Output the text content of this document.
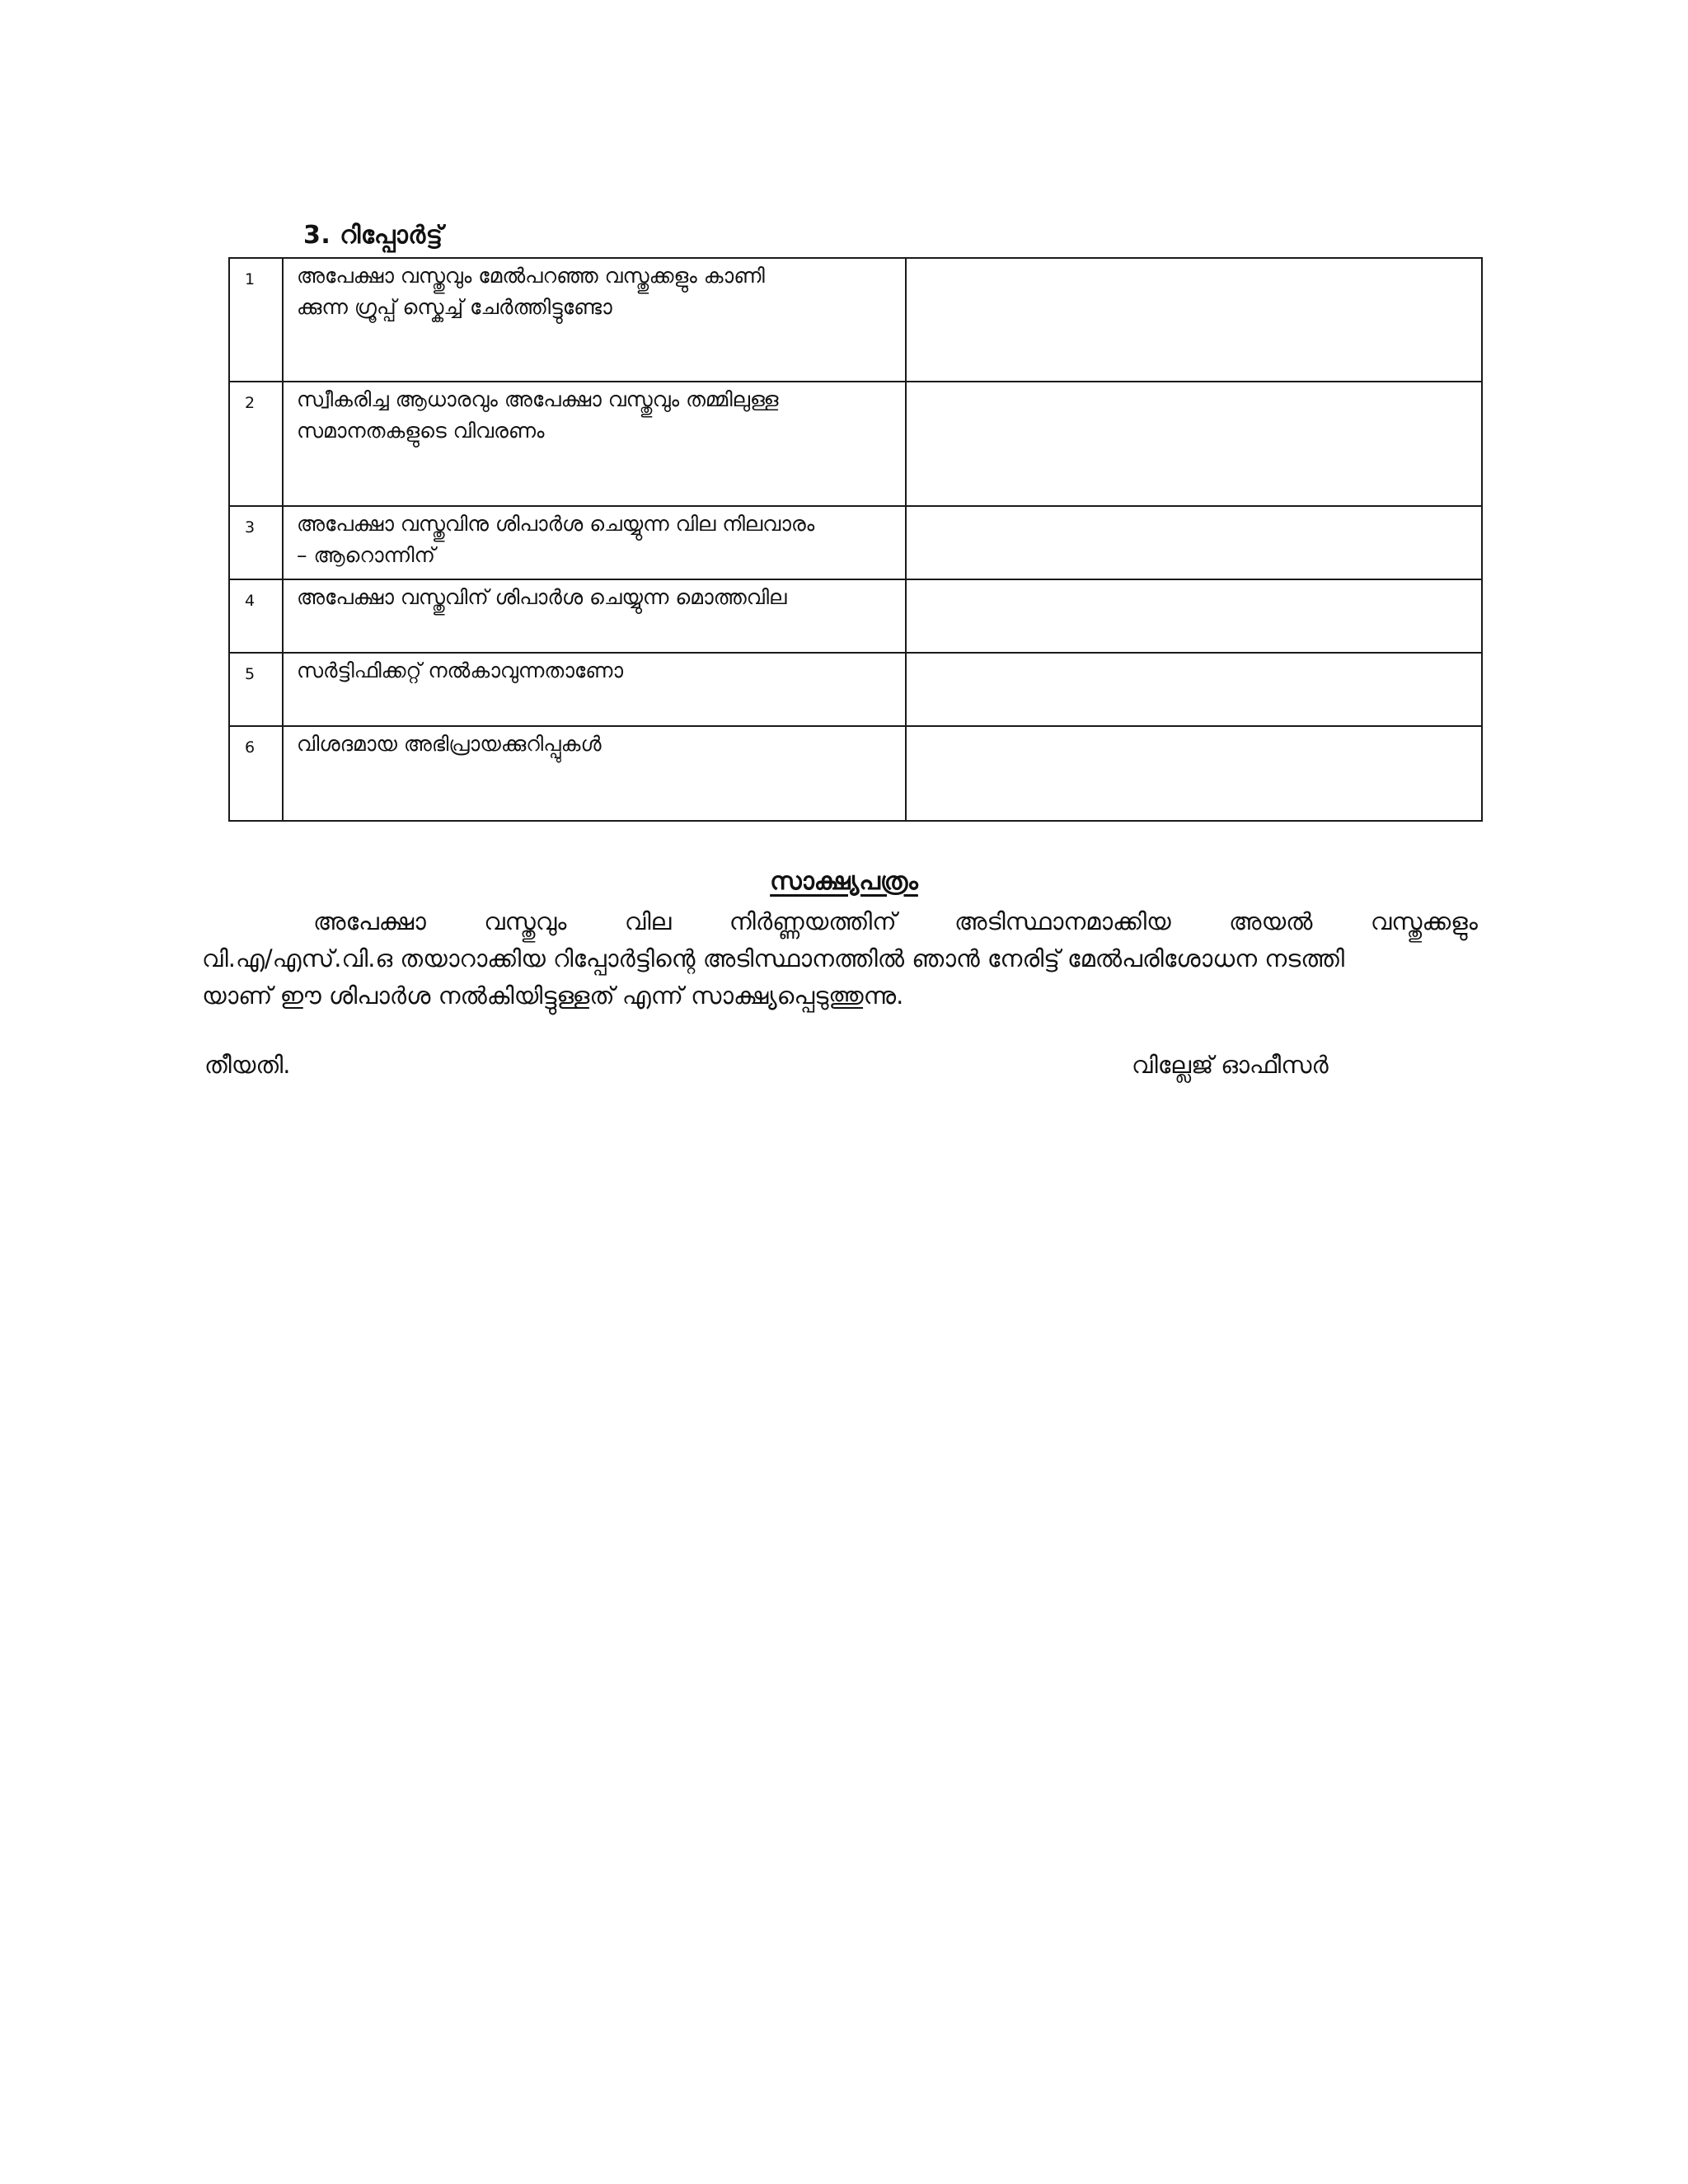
3. റിപ്പോർട്ട്
1	അപേക്ഷാ വസ്തുവും മേൽപറഞ്ഞ വസ്തുക്കളും കാണി
ക്കുന്ന ഗ്രൂപ്പ് സ്കെച്ച് ചേർത്തിട്ടുണ്ടോ	

2	സ്വീകരിച്ച ആധാരവും അപേക്ഷാ വസ്തുവും തമ്മിലുള്ള
സമാനതകളുടെ വിവരണം	

3	അപേക്ഷാ വസ്തുവിനു ശിപാർശ ചെയ്യുന്ന വില നിലവാരം
– ആറൊന്നിന്	

4	അപേക്ഷാ വസ്തുവിന് ശിപാർശ ചെയ്യുന്ന മൊത്തവില	

5	സർട്ടിഫിക്കറ്റ് നൽകാവുന്നതാണോ	

6	വിശദമായ അഭിപ്രായക്കുറിപ്പുകൾ	

സാക്ഷ്യപത്രം
അപേക്ഷാ വസ്തുവും വില നിർണ്ണയത്തിന് അടിസ്ഥാനമാക്കിയ അയൽ വസ്തുക്കളും
വി.എ/എസ്.വി.ഒ തയാറാക്കിയ റിപ്പോർട്ടിന്റെ അടിസ്ഥാനത്തിൽ ഞാൻ നേരിട്ട് മേൽപരിശോധന നടത്തി
യാണ് ഈ ശിപാർശ നൽകിയിട്ടുള്ളത് എന്ന് സാക്ഷ്യപ്പെടുത്തുന്നു.
തീയതി.	വില്ലേജ് ഓഫീസർ
